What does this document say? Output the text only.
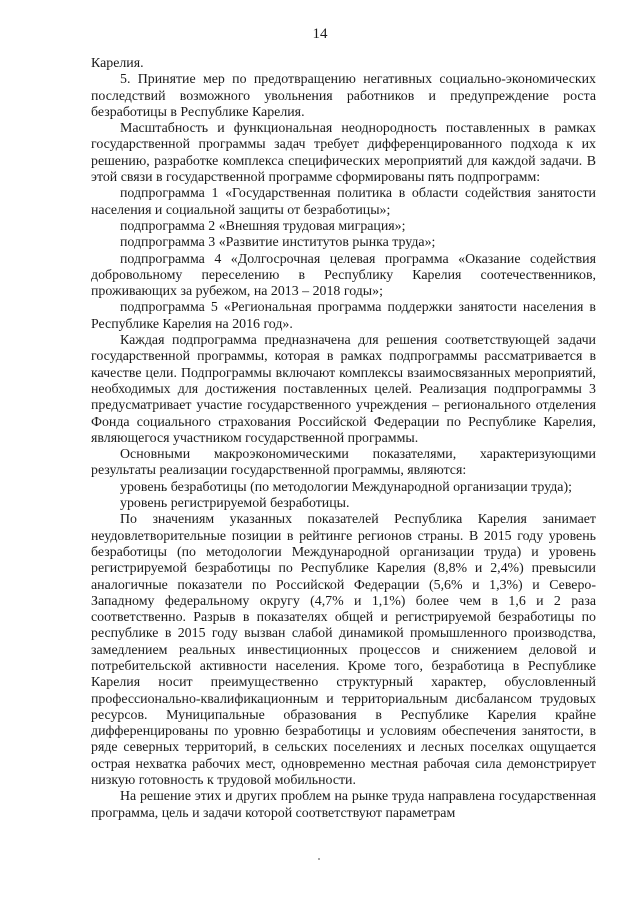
14

Карелия.

5. Принятие мер по предотвращению негативных социально-экономических последствий возможного увольнения работников и предупреждение роста безработицы в Республике Карелия.

Масштабность и функциональная неоднородность поставленных в рамках государственной программы задач требует дифференцированного подхода к их решению, разработке комплекса специфических мероприятий для каждой задачи. В этой связи в государственной программе сформированы пять подпрограмм:

подпрограмма 1 «Государственная политика в области содействия занятости населения и социальной защиты от безработицы»;

подпрограмма 2 «Внешняя трудовая миграция»;

подпрограмма 3 «Развитие институтов рынка труда»;

подпрограмма 4 «Долгосрочная целевая программа «Оказание содействия добровольному переселению в Республику Карелия соотечественников, проживающих за рубежом, на 2013 – 2018 годы»;

подпрограмма 5 «Региональная программа поддержки занятости населения в Республике Карелия на 2016 год».

Каждая подпрограмма предназначена для решения соответствующей задачи государственной программы, которая в рамках подпрограммы рассматривается в качестве цели. Подпрограммы включают комплексы взаимосвязанных мероприятий, необходимых для достижения поставленных целей. Реализация подпрограммы 3 предусматривает участие государственного учреждения – регионального отделения Фонда социального страхования Российской Федерации по Республике Карелия, являющегося участником государственной программы.

Основными макроэкономическими показателями, характеризующими результаты реализации государственной программы, являются:

уровень безработицы (по методологии Международной организации труда);

уровень регистрируемой безработицы.

По значениям указанных показателей Республика Карелия занимает неудовлетворительные позиции в рейтинге регионов страны. В 2015 году уровень безработицы (по методологии Международной организации труда) и уровень регистрируемой безработицы по Республике Карелия (8,8% и 2,4%) превысили аналогичные показатели по Российской Федерации (5,6% и 1,3%) и Северо-Западному федеральному округу (4,7% и 1,1%) более чем в 1,6 и 2 раза соответственно. Разрыв в показателях общей и регистрируемой безработицы по республике в 2015 году вызван слабой динамикой промышленного производства, замедлением реальных инвестиционных процессов и снижением деловой и потребительской активности населения. Кроме того, безработица в Республике Карелия носит преимущественно структурный характер, обусловленный профессионально-квалификационным и территориальным дисбалансом трудовых ресурсов. Муниципальные образования в Республике Карелия крайне дифференцированы по уровню безработицы и условиям обеспечения занятости, в ряде северных территорий, в сельских поселениях и лесных поселках ощущается острая нехватка рабочих мест, одновременно местная рабочая сила демонстрирует низкую готовность к трудовой мобильности.

На решение этих и других проблем на рынке труда направлена государственная программа, цель и задачи которой соответствуют параметрам
